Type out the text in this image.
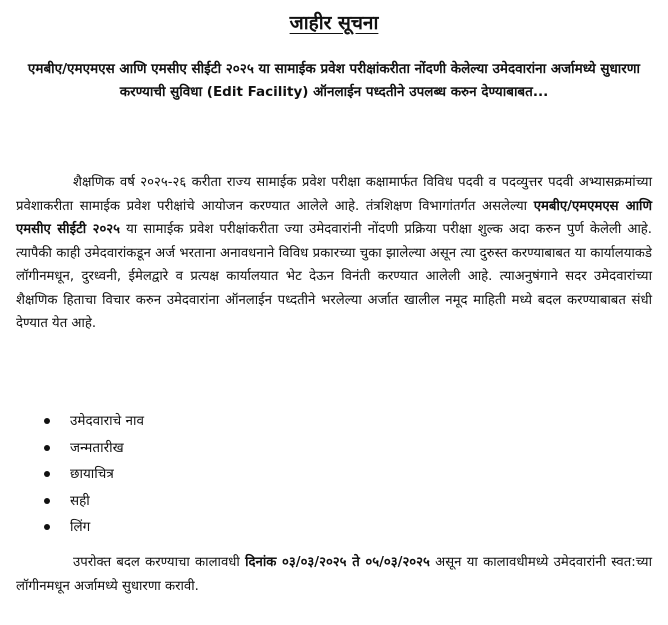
जाहीर सूचना
एमबीए/एमएमएस आणि एमसीए सीईटी २०२५ या सामाईक प्रवेश परीक्षांकरीता नोंदणी केलेल्या उमेदवारांना अर्जामध्ये सुधारणा करण्याची सुविधा (Edit Facility) ऑनलाईन पध्दतीने उपलब्ध करुन देण्याबाबत...
शैक्षणिक वर्ष २०२५-२६ करीता राज्य सामाईक प्रवेश परीक्षा कक्षामार्फत विविध पदवी व पदव्युत्तर पदवी अभ्यासक्रमांच्या प्रवेशाकरीता सामाईक प्रवेश परीक्षांचे आयोजन करण्यात आलेले आहे. तंत्रशिक्षण विभागांतर्गत असलेल्या एमबीए/एमएमएस आणि एमसीए सीईटी २०२५ या सामाईक प्रवेश परीक्षांकरीता ज्या उमेदवारांनी नोंदणी प्रक्रिया परीक्षा शुल्क अदा करुन पुर्ण केलेली आहे. त्यापैकी काही उमेदवारांकडून अर्ज भरताना अनावधनाने विविध प्रकारच्या चुका झालेल्या असून त्या दुरुस्त करण्याबाबत या कार्यालयाकडे लॉगीनमधून, दुरध्वनी, ईमेलद्वारे व प्रत्यक्ष कार्यालयात भेट देऊन विनंती करण्यात आलेली आहे. त्याअनुषंगाने सदर उमेदवारांच्या शैक्षणिक हिताचा विचार करुन उमेदवारांना ऑनलाईन पध्दतीने भरलेल्या अर्जात खालील नमूद माहिती मध्ये बदल करण्याबाबत संधी देण्यात येत आहे.
उमेदवाराचे नाव
जन्मतारीख
छायाचित्र
सही
लिंग
उपरोक्त बदल करण्याचा कालावधी दिनांक ०३/०३/२०२५ ते ०५/०३/२०२५ असून या कालावधीमध्ये उमेदवारांनी स्वत:च्या लॉगीनमधून अर्जामध्ये सुधारणा करावी.
